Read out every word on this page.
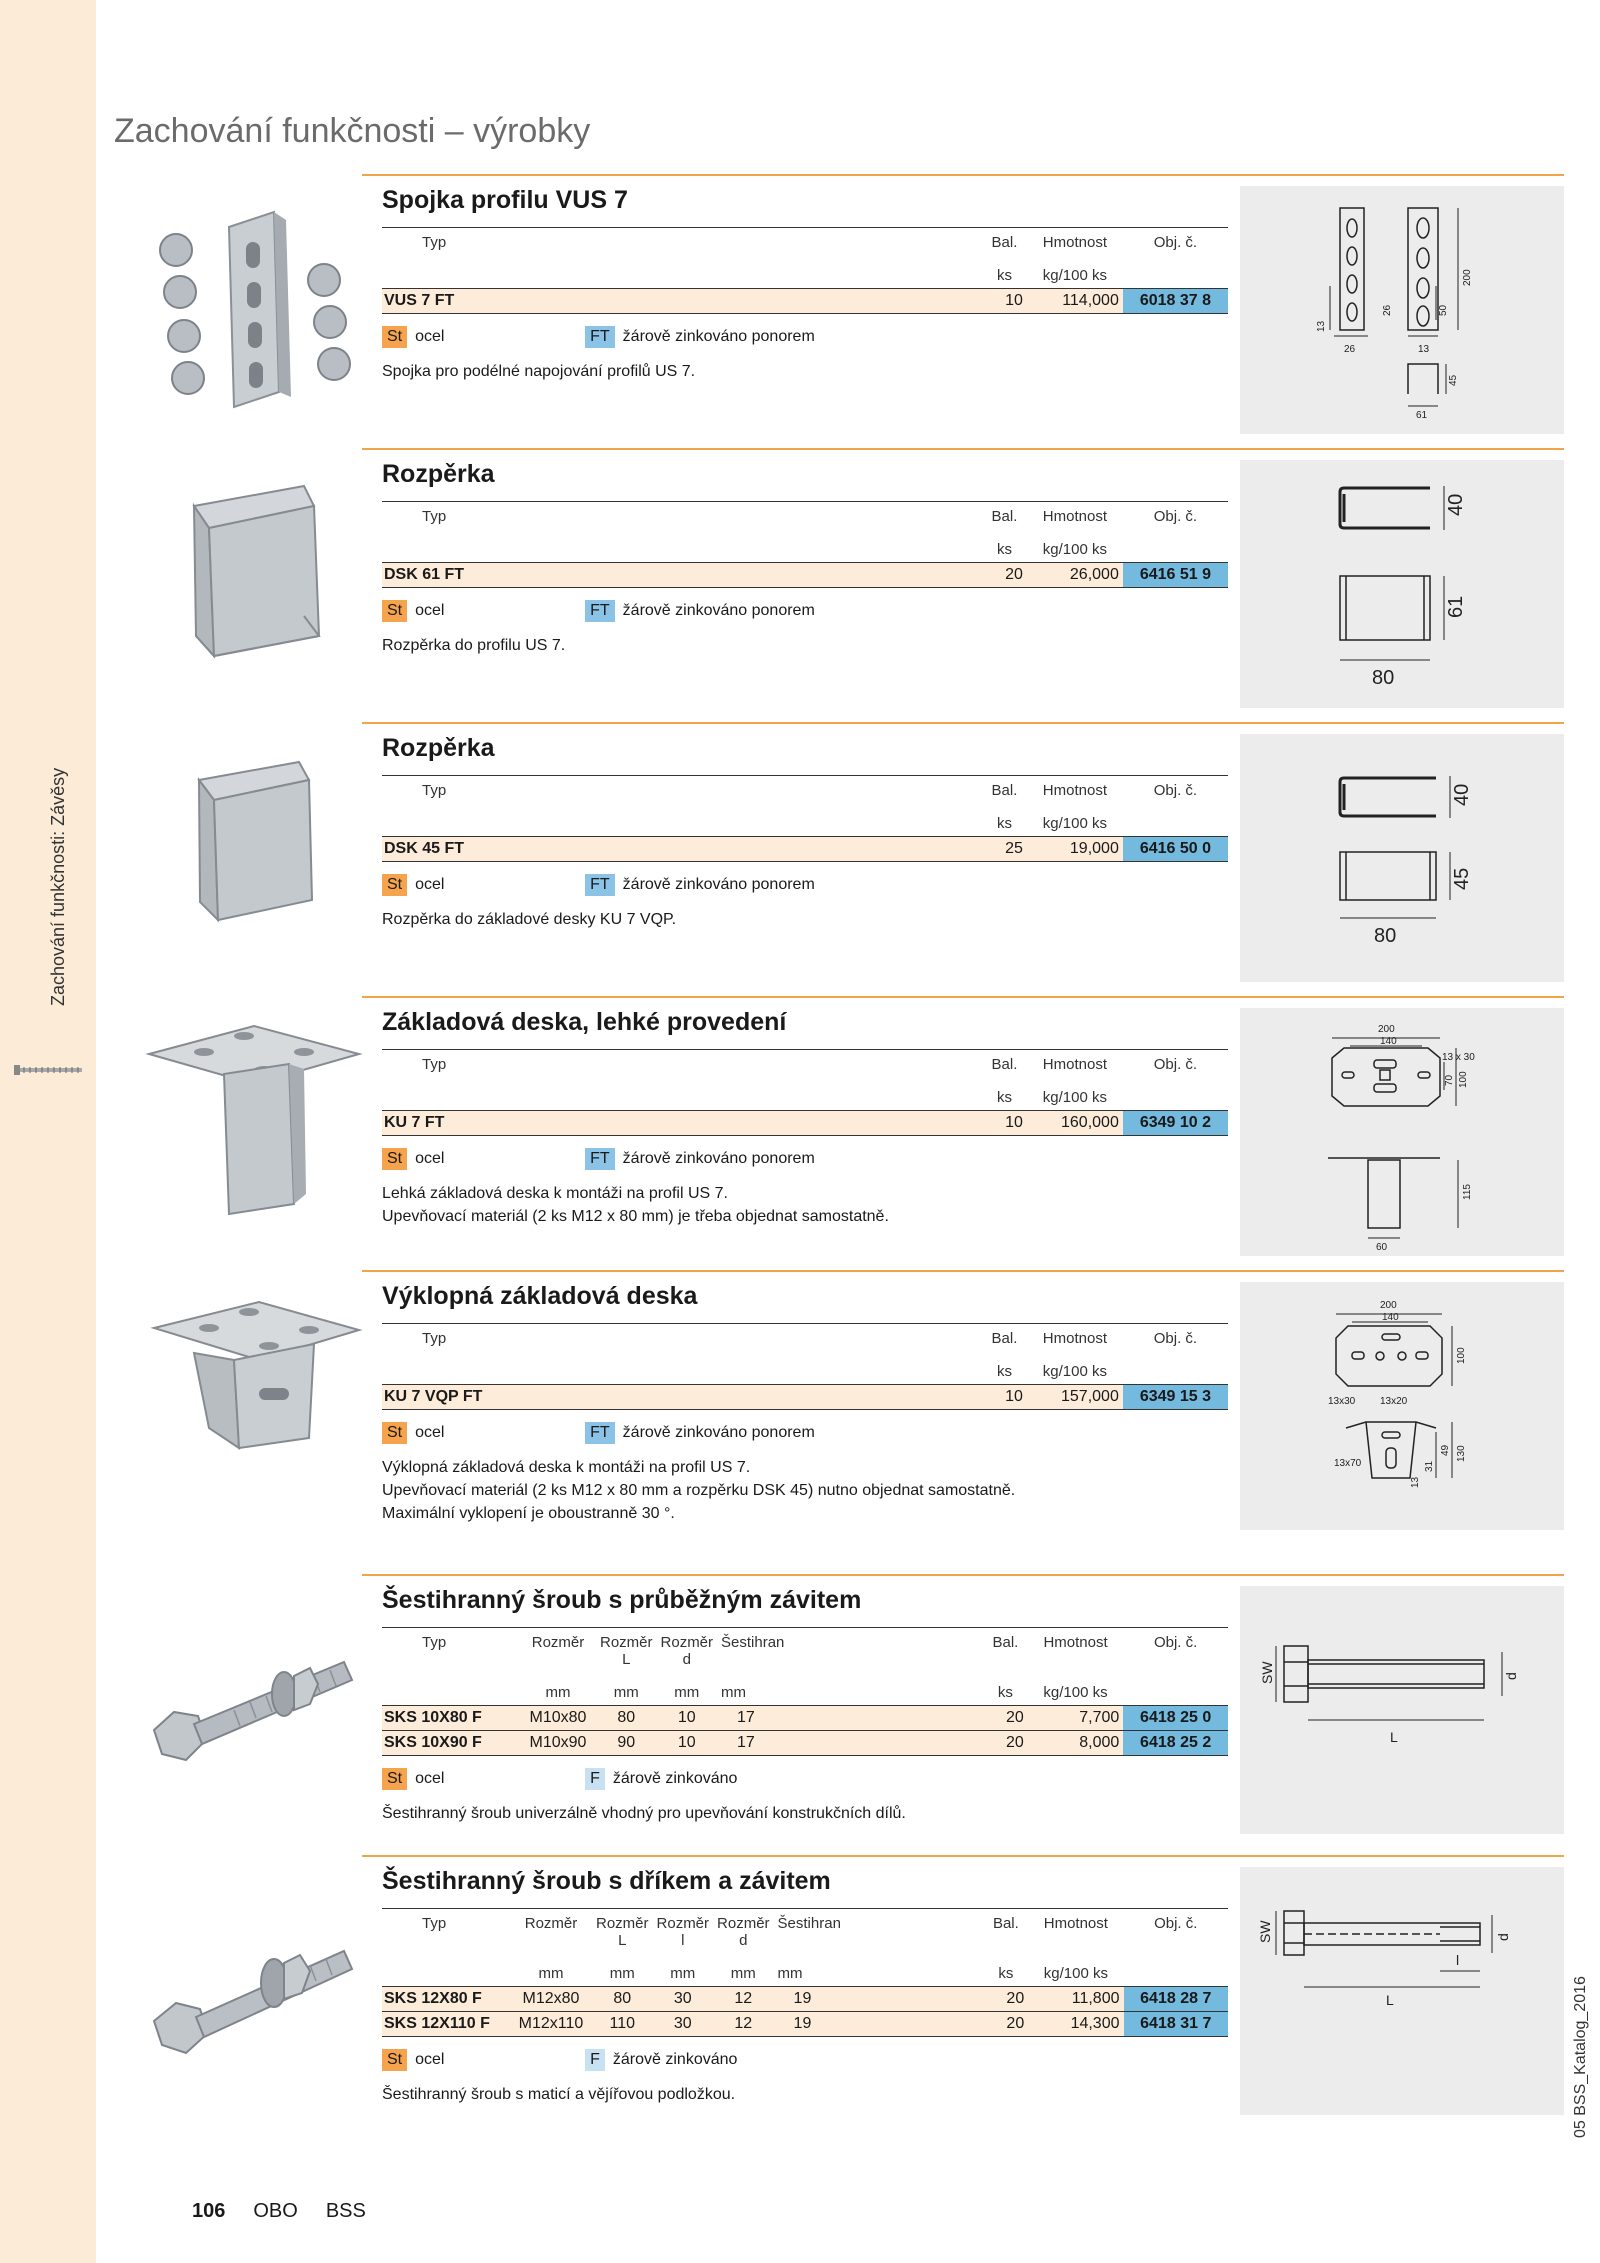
Zachování funkčnosti: Závěsy
05 BSS_Katalog_2016
Zachování funkčnosti – výrobky
Spojka profilu VUS 7
Typ	Bal.	Hmotnost	Obj. č.
	ks	kg/100 ks	
VUS 7 FT	10	114,000	6018 37 8
St ocel	FT žárově zinkováno ponorem
Spojka pro podélné napojování profilů US 7.
13
26
26	50
200
13
45
61
Rozpěrka
Typ	Bal.	Hmotnost	Obj. č.
	ks	kg/100 ks	
DSK 61 FT	20	26,000	6416 51 9
St ocel	FT žárově zinkováno ponorem
Rozpěrka do profilu US 7.
40
61
80
Rozpěrka
Typ	Bal.	Hmotnost	Obj. č.
	ks	kg/100 ks	
DSK 45 FT	25	19,000	6416 50 0
St ocel	FT žárově zinkováno ponorem
Rozpěrka do základové desky KU 7 VQP.
40
45
80
Základová deska, lehké provedení
Typ	Bal.	Hmotnost	Obj. č.
	ks	kg/100 ks	
KU 7 FT	10	160,000	6349 10 2
St ocel	FT žárově zinkováno ponorem
Lehká základová deska k montáži na profil US 7.
Upevňovací materiál (2 ks M12 x 80 mm) je třeba objednat samostatně.
200
140
13 x 30
70 100
115
60
Výklopná základová deska
Typ	Bal.	Hmotnost	Obj. č.
	ks	kg/100 ks	
KU 7 VQP FT	10	157,000	6349 15 3
St ocel	FT žárově zinkováno ponorem
Výklopná základová deska k montáži na profil US 7.
Upevňovací materiál (2 ks M12 x 80 mm a rozpěrku DSK 45) nutno objednat samostatně.
Maximální vyklopení je oboustranně 30 °.
200
140
100
13x30 13x20
49 130
31
13x70
13
Šestihranný šroub s průběžným závitem
Typ	Rozměr	Rozměr L	Rozměr d	Šestihran	Bal.	Hmotnost	Obj. č.
	mm	mm	mm	mm	ks	kg/100 ks	
SKS 10X80 F	M10x80	80	10	17	20	7,700	6418 25 0
SKS 10X90 F	M10x90	90	10	17	20	8,000	6418 25 2
St ocel	F žárově zinkováno
Šestihranný šroub univerzálně vhodný pro upevňování konstrukčních dílů.
SW	d
L
Šestihranný šroub s dříkem a závitem
Typ	Rozměr	Rozměr L	Rozměr l	Rozměr d	Šestihran	Bal.	Hmotnost	Obj. č.
	mm	mm	mm	mm	mm	ks	kg/100 ks	
SKS 12X80 F	M12x80	80	30	12	19	20	11,800	6418 28 7
SKS 12X110 F	M12x110	110	30	12	19	20	14,300	6418 31 7
St ocel	F žárově zinkováno
Šestihranný šroub s maticí a vějířovou podložkou.
SW	d
l
L
106 OBO BSS
